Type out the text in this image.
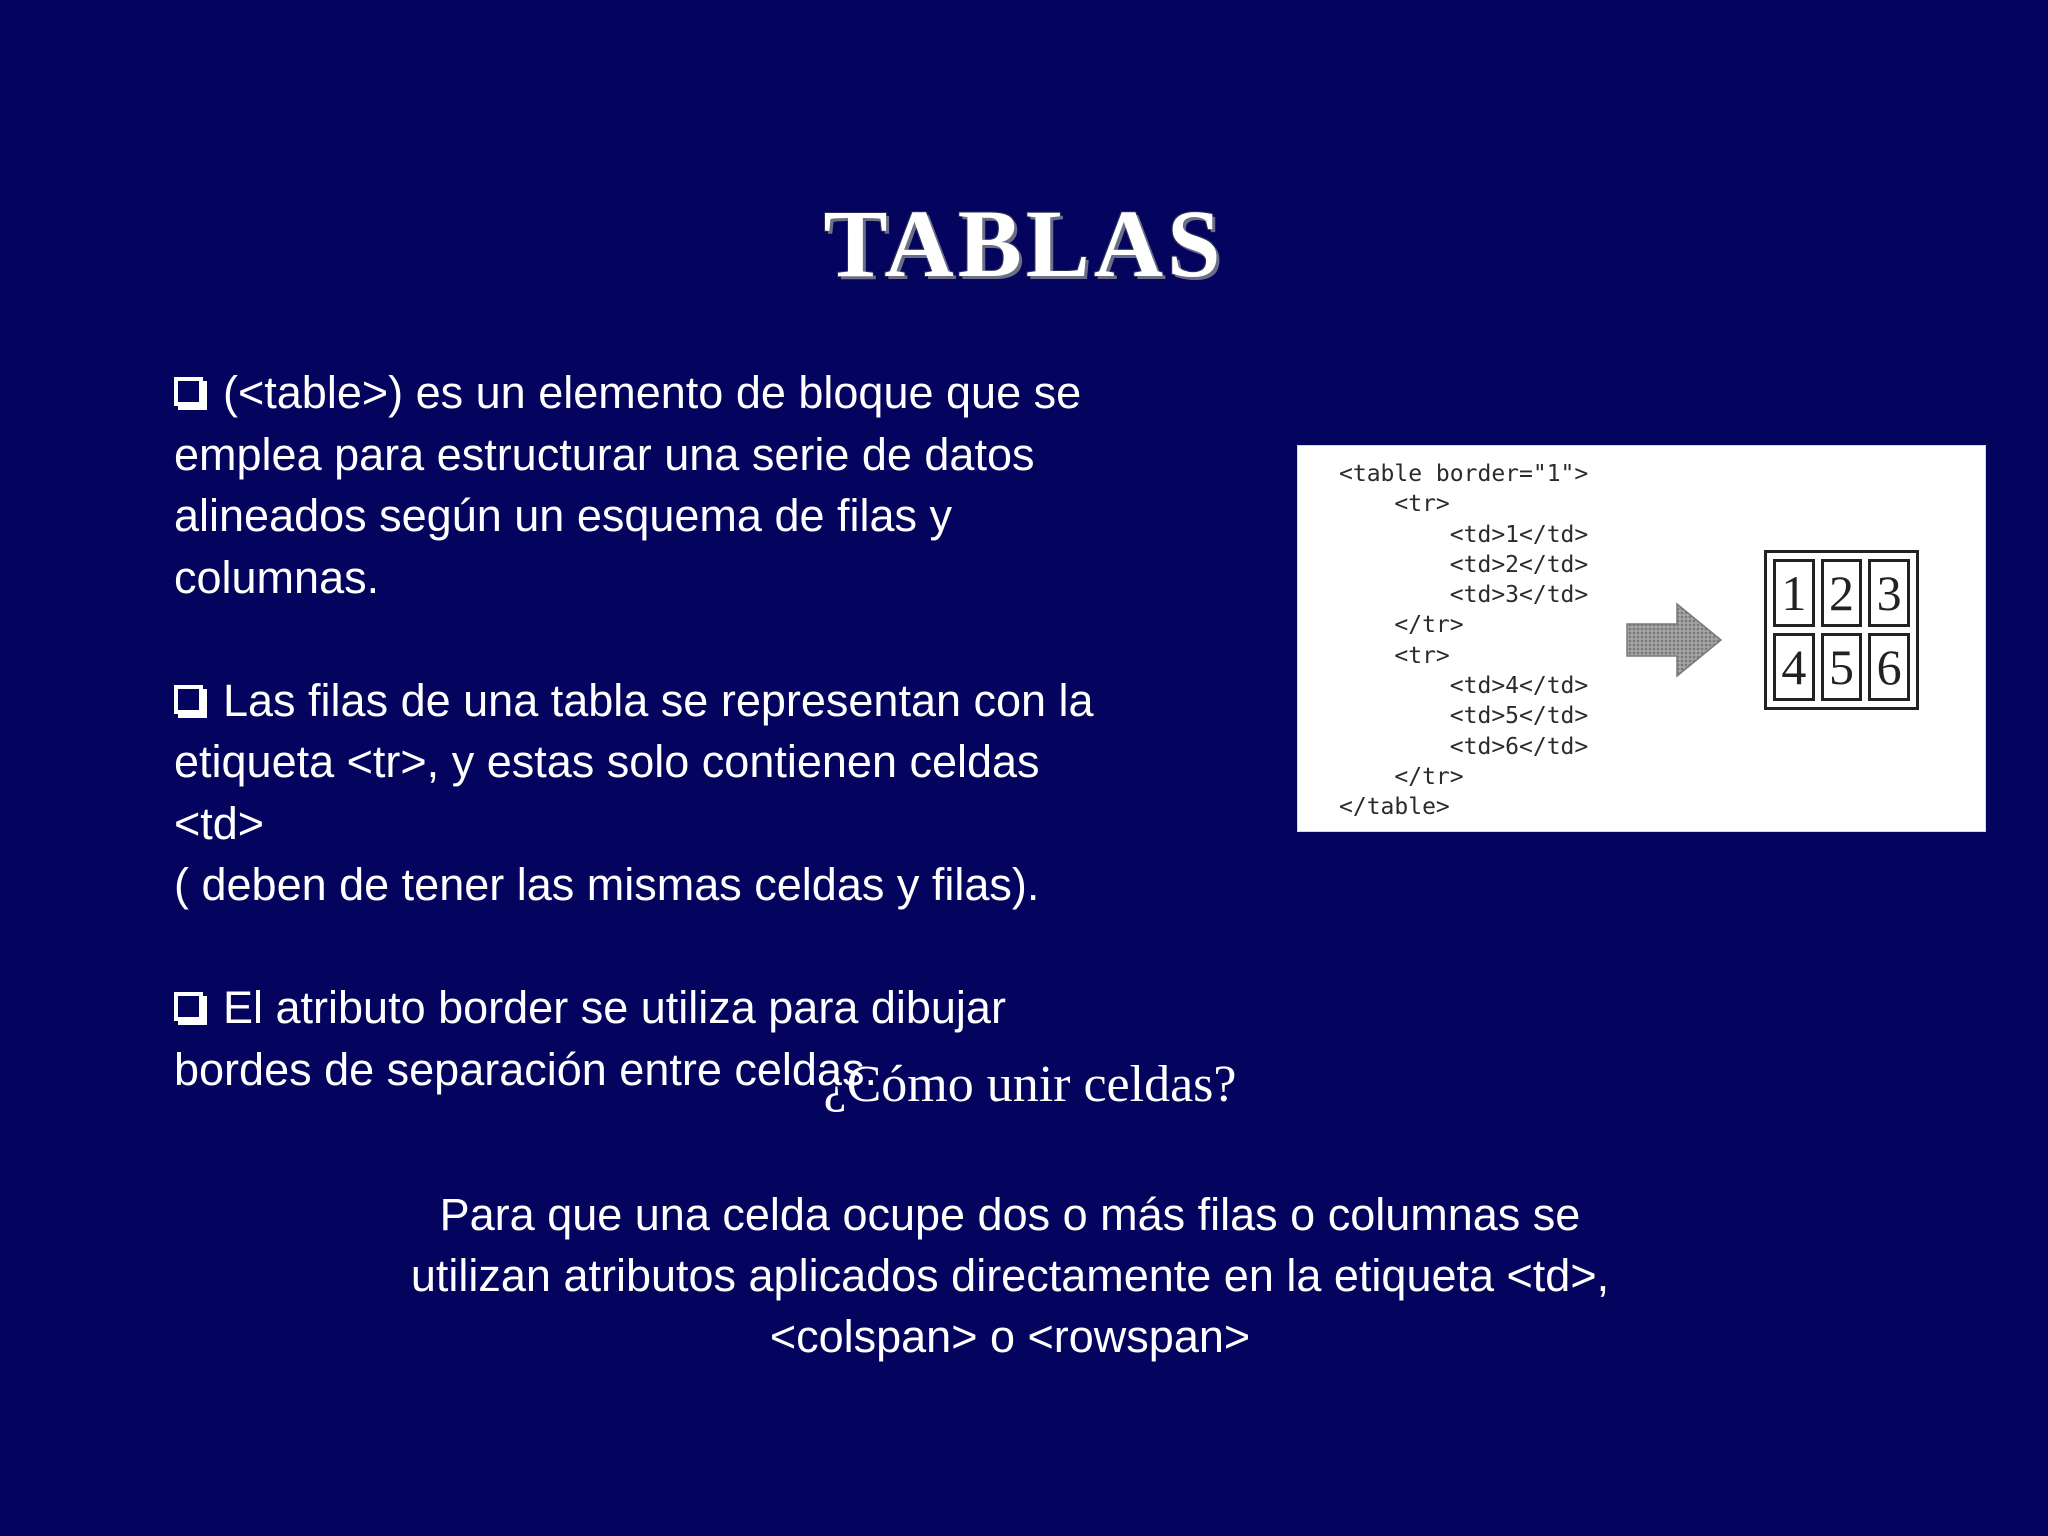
TABLAS
(<table>) es un elemento de bloque que se
emplea para estructurar una serie de datos
alineados según un esquema de filas y
columnas.
Las filas de una tabla se representan con la
etiqueta <tr>, y estas solo contienen celdas
<td>
( deben de tener las mismas celdas y filas).
El atributo border se utiliza para dibujar
bordes de separación entre celdas.
<table border="1">
<tr>
<td>1</td>
<td>2</td>
<td>3</td>
</tr>
<tr>
<td>4</td>
<td>5</td>
<td>6</td>
</tr>
</table>
1 2 3
4 5 6
¿Cómo unir celdas?
Para que una celda ocupe dos o más filas o columnas se
utilizan atributos aplicados directamente en la etiqueta <td>,
<colspan> o <rowspan>
